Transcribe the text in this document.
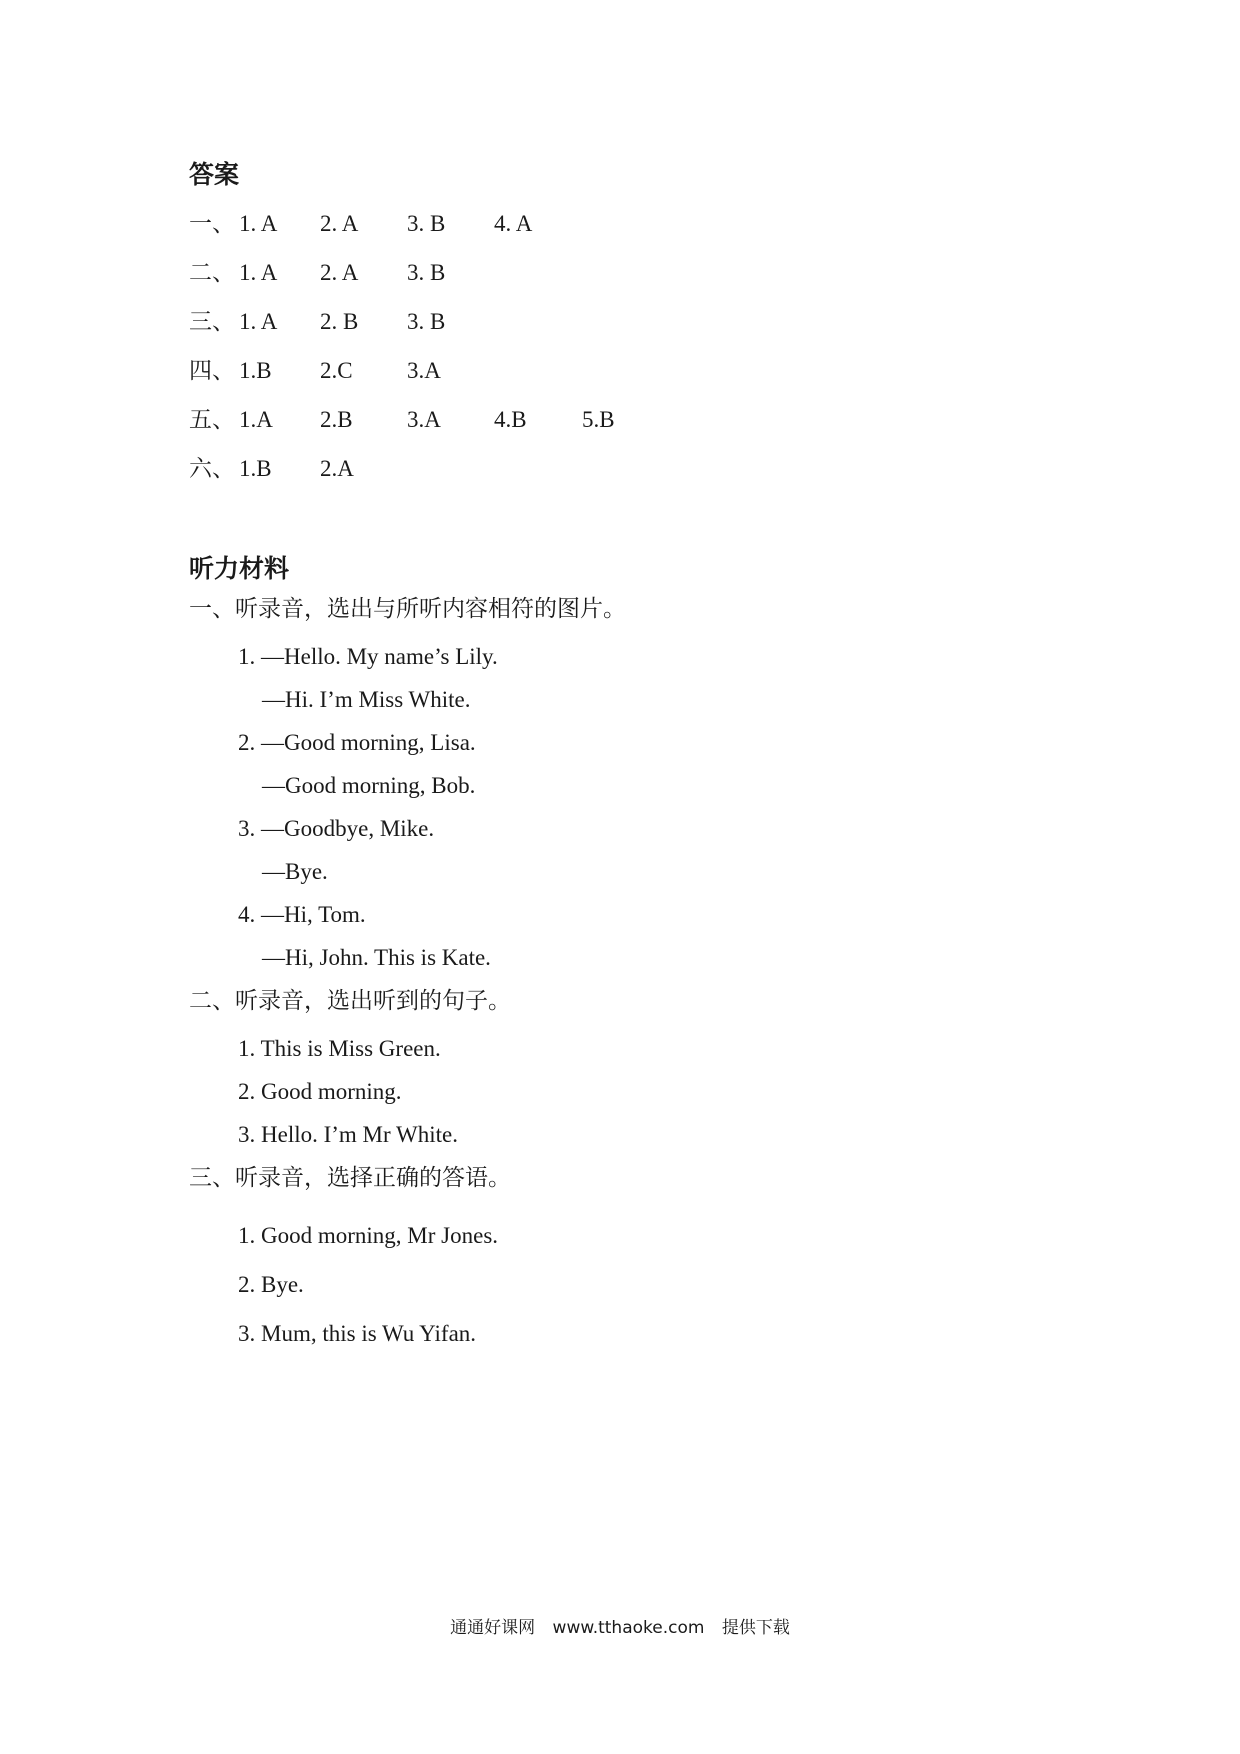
答案
一、 1. A 2. A 3. B 4. A
二、 1. A 2. A 3. B
三、 1. A 2. B 3. B
四、 1.B 2.C 3.A
五、 1.A 2.B 3.A 4.B 5.B
六、 1.B 2.A
听力材料
一、听录音，选出与所听内容相符的图片。
1. —Hello. My name’s Lily.
—Hi. I’m Miss White.
2. —Good morning, Lisa.
—Good morning, Bob.
3. —Goodbye, Mike.
—Bye.
4. —Hi, Tom.
—Hi, John. This is Kate.
二、听录音，选出听到的句子。
1. This is Miss Green.
2. Good morning.
3. Hello. I’m Mr White.
三、听录音，选择正确的答语。
1. Good morning, Mr Jones.
2. Bye.
3. Mum, this is Wu Yifan.
通通好课网 www.tthaoke.com 提供下载
